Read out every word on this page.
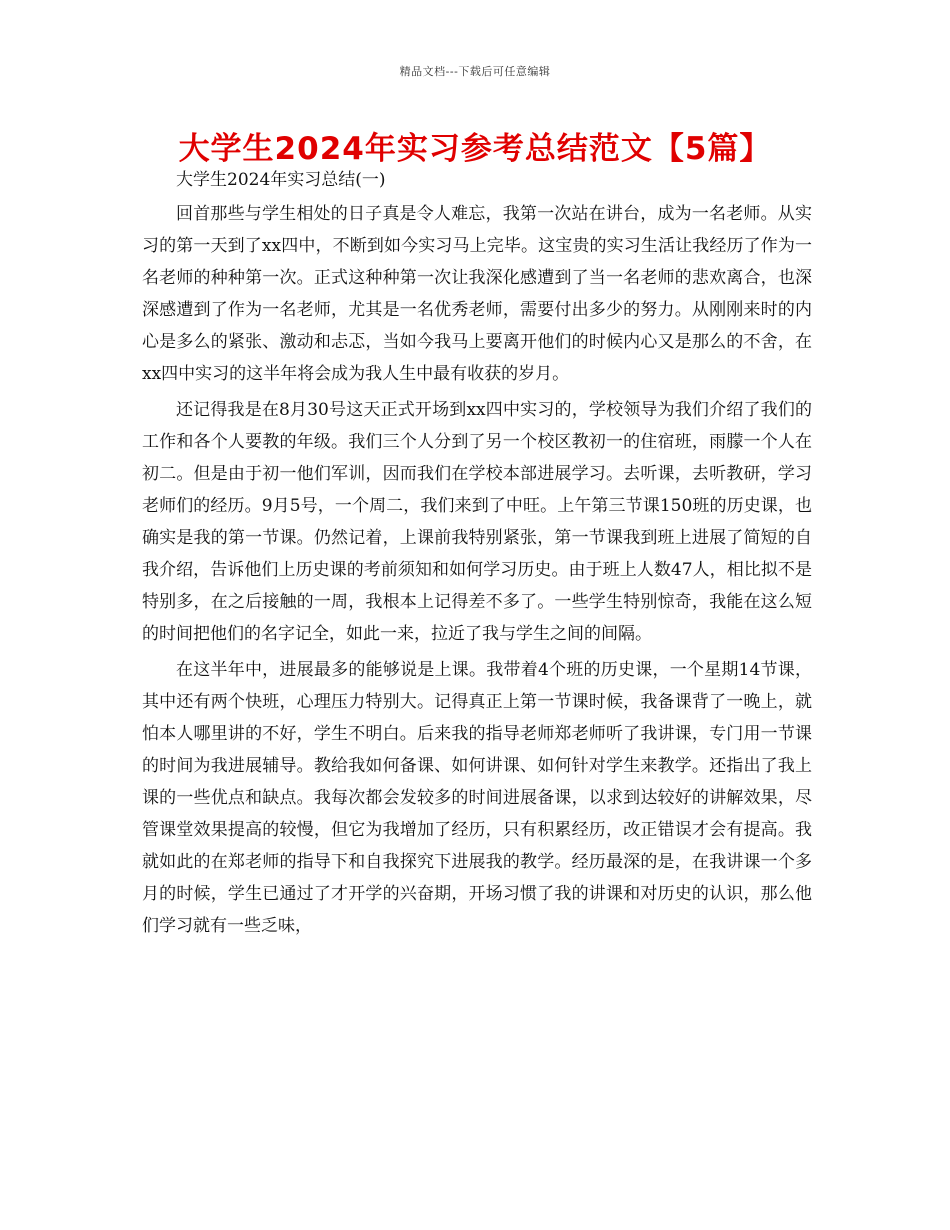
精品文档---下载后可任意编辑
大学生2024年实习参考总结范文【5篇】
大学生2024年实习总结(一)

回首那些与学生相处的日子真是令人难忘，我第一次站在讲台，成为一名老师。从实习的第一天到了xx四中，不断到如今实习马上完毕。这宝贵的实习生活让我经历了作为一名老师的种种第一次。正式这种种第一次让我深化感遭到了当一名老师的悲欢离合，也深深感遭到了作为一名老师，尤其是一名优秀老师，需要付出多少的努力。从刚刚来时的内心是多么的紧张、激动和忐忑，当如今我马上要离开他们的时候内心又是那么的不舍，在xx四中实习的这半年将会成为我人生中最有收获的岁月。

还记得我是在8月30号这天正式开场到xx四中实习的，学校领导为我们介绍了我们的工作和各个人要教的年级。我们三个人分到了另一个校区教初一的住宿班，雨朦一个人在初二。但是由于初一他们军训，因而我们在学校本部进展学习。去听课，去听教研，学习老师们的经历。9月5号，一个周二，我们来到了中旺。上午第三节课150班的历史课，也确实是我的第一节课。仍然记着，上课前我特别紧张，第一节课我到班上进展了简短的自我介绍，告诉他们上历史课的考前须知和如何学习历史。由于班上人数47人，相比拟不是特别多，在之后接触的一周，我根本上记得差不多了。一些学生特别惊奇，我能在这么短的时间把他们的名字记全，如此一来，拉近了我与学生之间的间隔。

在这半年中，进展最多的能够说是上课。我带着4个班的历史课，一个星期14节课，其中还有两个快班，心理压力特别大。记得真正上第一节课时候，我备课背了一晚上，就怕本人哪里讲的不好，学生不明白。后来我的指导老师郑老师听了我讲课，专门用一节课的时间为我进展辅导。教给我如何备课、如何讲课、如何针对学生来教学。还指出了我上课的一些优点和缺点。我每次都会发较多的时间进展备课，以求到达较好的讲解效果，尽管课堂效果提高的较慢，但它为我增加了经历，只有积累经历，改正错误才会有提高。我就如此的在郑老师的指导下和自我探究下进展我的教学。经历最深的是，在我讲课一个多月的时候，学生已通过了才开学的兴奋期，开场习惯了我的讲课和对历史的认识，那么他们学习就有一些乏味，
